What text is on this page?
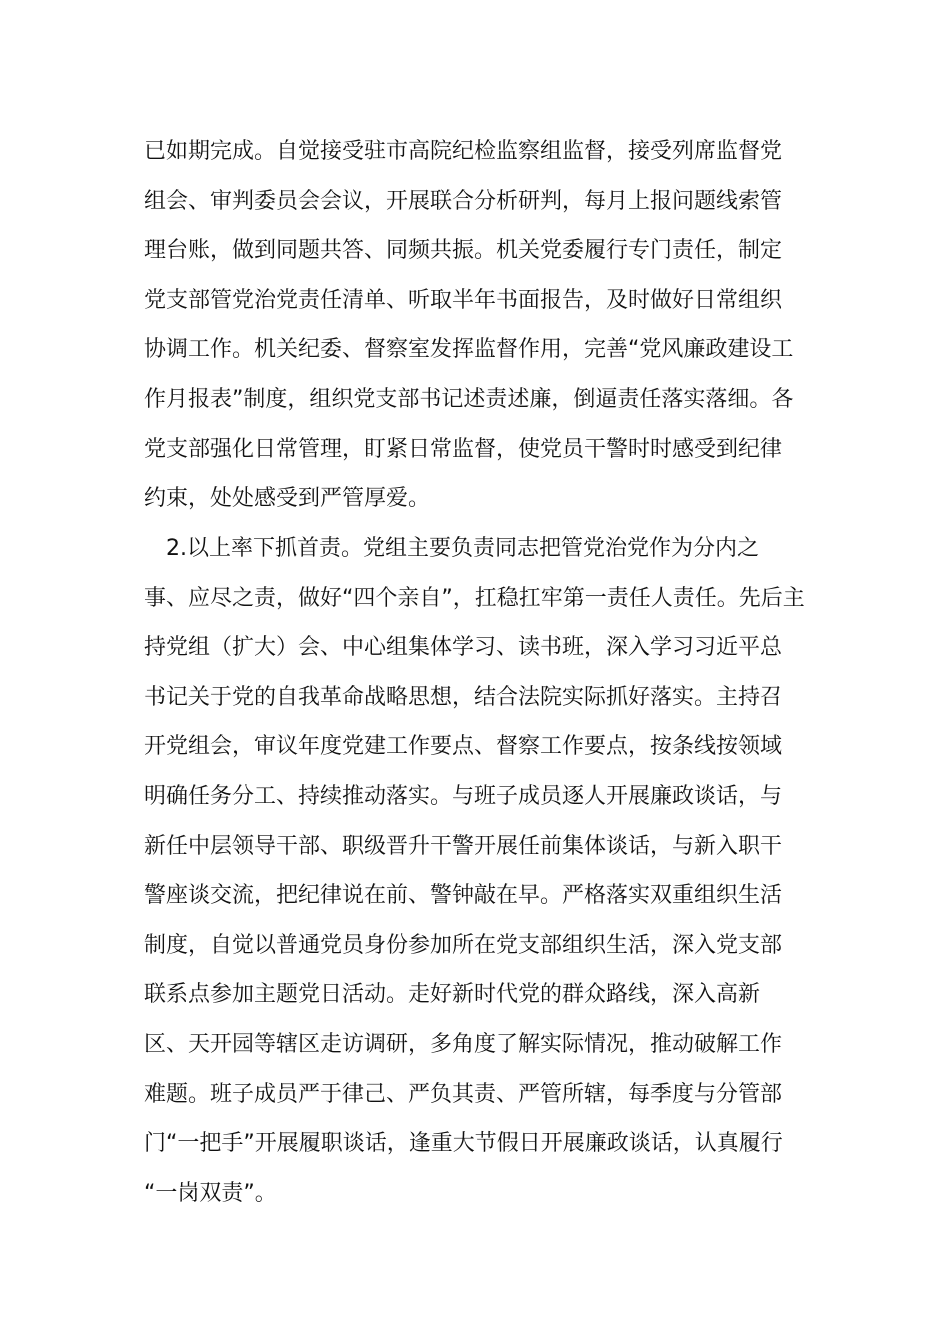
已如期完成。自觉接受驻市高院纪检监察组监督，接受列席监督党
组会、审判委员会会议，开展联合分析研判，每月上报问题线索管
理台账，做到同题共答、同频共振。机关党委履行专门责任，制定
党支部管党治党责任清单、听取半年书面报告，及时做好日常组织
协调工作。机关纪委、督察室发挥监督作用，完善“党风廉政建设工
作月报表”制度，组织党支部书记述责述廉，倒逼责任落实落细。各
党支部强化日常管理，盯紧日常监督，使党员干警时时感受到纪律
约束，处处感受到严管厚爱。
　2.以上率下抓首责。党组主要负责同志把管党治党作为分内之
事、应尽之责，做好“四个亲自”，扛稳扛牢第一责任人责任。先后主
持党组（扩大）会、中心组集体学习、读书班，深入学习习近平总
书记关于党的自我革命战略思想，结合法院实际抓好落实。主持召
开党组会，审议年度党建工作要点、督察工作要点，按条线按领域
明确任务分工、持续推动落实。与班子成员逐人开展廉政谈话，与
新任中层领导干部、职级晋升干警开展任前集体谈话，与新入职干
警座谈交流，把纪律说在前、警钟敲在早。严格落实双重组织生活
制度，自觉以普通党员身份参加所在党支部组织生活，深入党支部
联系点参加主题党日活动。走好新时代党的群众路线，深入高新
区、天开园等辖区走访调研，多角度了解实际情况，推动破解工作
难题。班子成员严于律己、严负其责、严管所辖，每季度与分管部
门“一把手”开展履职谈话，逢重大节假日开展廉政谈话，认真履行
“一岗双责”。
